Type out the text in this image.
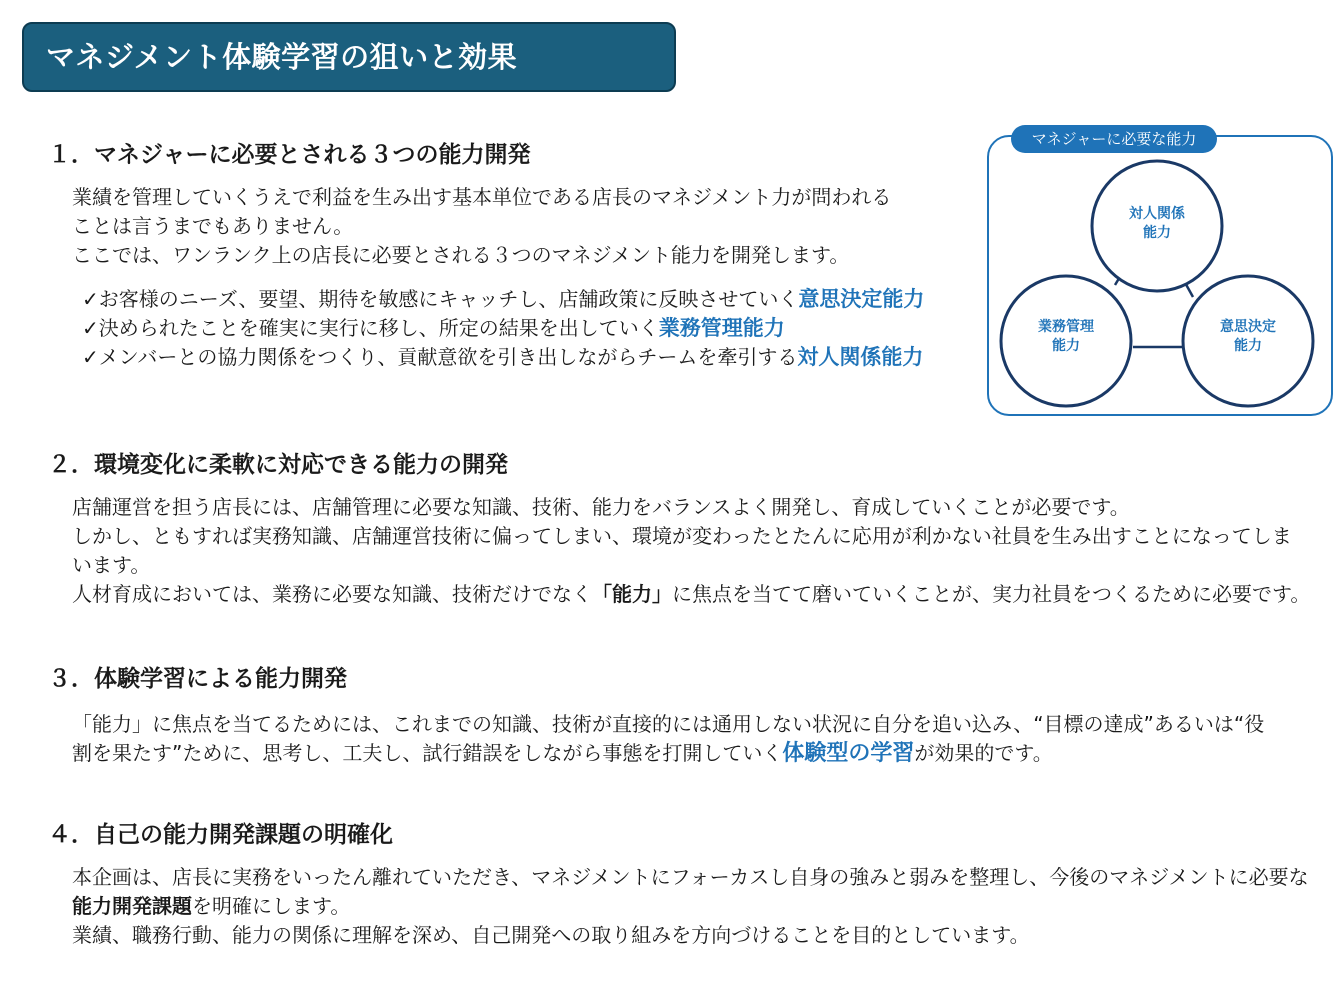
マネジメント体験学習の狙いと効果
１．マネジャーに必要とされる３つの能力開発
業績を管理していくうえで利益を生み出す基本単位である店長のマネジメント力が問われる
ことは言うまでもありません。
ここでは、ワンランク上の店長に必要とされる３つのマネジメント能力を開発します。
✓お客様のニーズ、要望、期待を敏感にキャッチし、店舗政策に反映させていく意思決定能力
✓決められたことを確実に実行に移し、所定の結果を出していく業務管理能力
✓メンバーとの協力関係をつくり、貢献意欲を引き出しながらチームを牽引する対人関係能力
マネジャーに必要な能力
対人関係
能力
業務管理
能力
意思決定
能力
２．環境変化に柔軟に対応できる能力の開発
店舗運営を担う店長には、店舗管理に必要な知識、技術、能力をバランスよく開発し、育成していくことが必要です。
しかし、ともすれば実務知識、店舗運営技術に偏ってしまい、環境が変わったとたんに応用が利かない社員を生み出すことになってしま
います。
人材育成においては、業務に必要な知識、技術だけでなく「能力」に焦点を当てて磨いていくことが、実力社員をつくるために必要です。
３．体験学習による能力開発
「能力」に焦点を当てるためには、これまでの知識、技術が直接的には通用しない状況に自分を追い込み、“目標の達成”あるいは“役
割を果たす”ために、思考し、工夫し、試行錯誤をしながら事態を打開していく体験型の学習が効果的です。
４．自己の能力開発課題の明確化
本企画は、店長に実務をいったん離れていただき、マネジメントにフォーカスし自身の強みと弱みを整理し、今後のマネジメントに必要な
能力開発課題を明確にします。
業績、職務行動、能力の関係に理解を深め、自己開発への取り組みを方向づけることを目的としています。
